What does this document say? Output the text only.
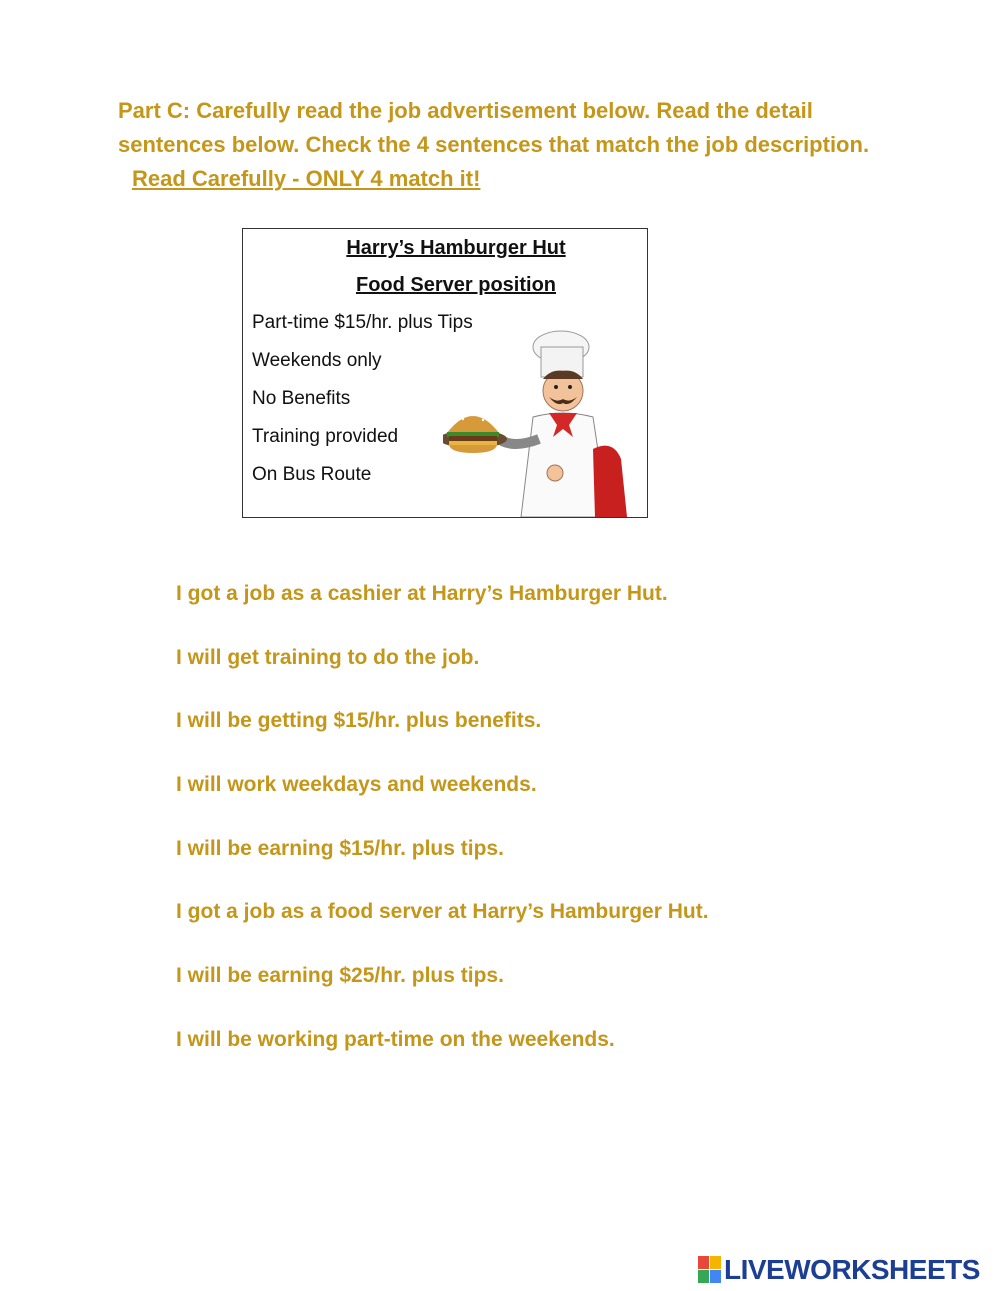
Part C: Carefully read the job advertisement below. Read the detail sentences below. Check the 4 sentences that match the job description. Read Carefully - ONLY 4 match it!
Harry’s Hamburger Hut
Food Server position
Part-time $15/hr. plus Tips
Weekends only
No Benefits
Training provided
On Bus Route
I got a job as a cashier at Harry’s Hamburger Hut.
I will get training to do the job.
I will be getting $15/hr. plus benefits.
I will work weekdays and weekends.
I will be earning $15/hr. plus tips.
I got a job as a food server at Harry’s Hamburger Hut.
I will be earning $25/hr. plus tips.
I will be working part-time on the weekends.
LIVEWORKSHEETS
